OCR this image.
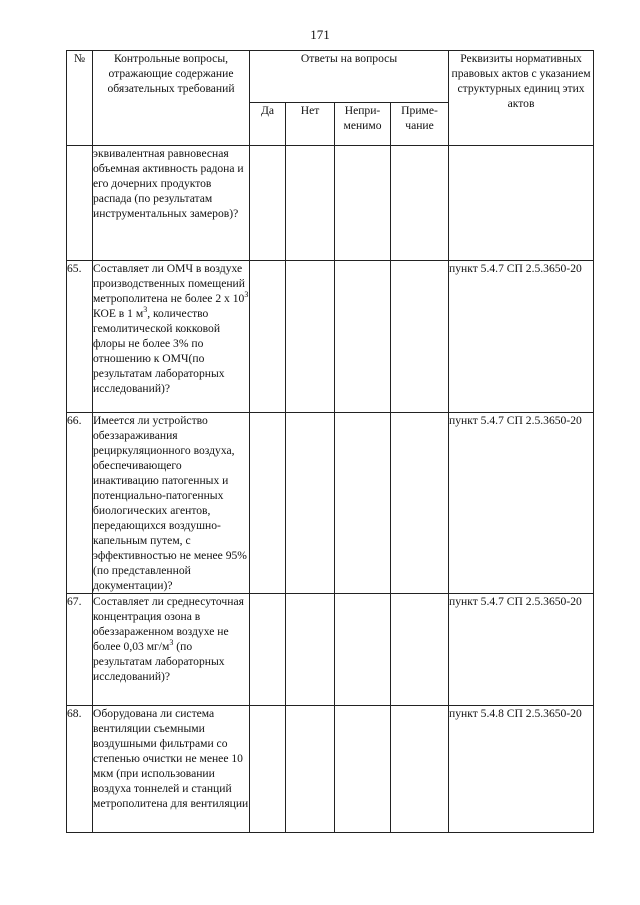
171
№	Контрольные вопросы, отражающие содержание обязательных требований	Ответы на вопросы				Реквизиты нормативных правовых актов с указанием структурных единиц этих актов
		Да	Нет	Непри-менимо	Приме-чание	
	эквивалентная равновесная объемная активность радона и его дочерних продуктов распада (по результатам инструментальных замеров)?					
65.	Составляет ли ОМЧ в воздухе производственных помещений метрополитена не более 2 х $10^3$ КОЕ в 1 $м^3$, количество гемолитической кокковой флоры не более 3% по отношению к ОМЧ(по результатам лабораторных исследований)?					пункт 5.4.7 СП 2.5.3650-20
66.	Имеется ли устройство обеззараживания рециркуляционного воздуха, обеспечивающего инактивацию патогенных и потенциально-патогенных биологических агентов, передающихся воздушно-капельным путем, с эффективностью не менее 95% (по представленной документации)?					пункт 5.4.7 СП 2.5.3650-20
67.	Составляет ли среднесуточная концентрация озона в обеззараженном воздухе не более 0,03 $мг/м^3$ (по результатам лабораторных исследований)?					пункт 5.4.7 СП 2.5.3650-20
68.	Оборудована ли система вентиляции съемными воздушными фильтрами со степенью очистки не менее 10 мкм (при использовании воздуха тоннелей и станций метрополитена для вентиляции					пункт 5.4.8 СП 2.5.3650-20
